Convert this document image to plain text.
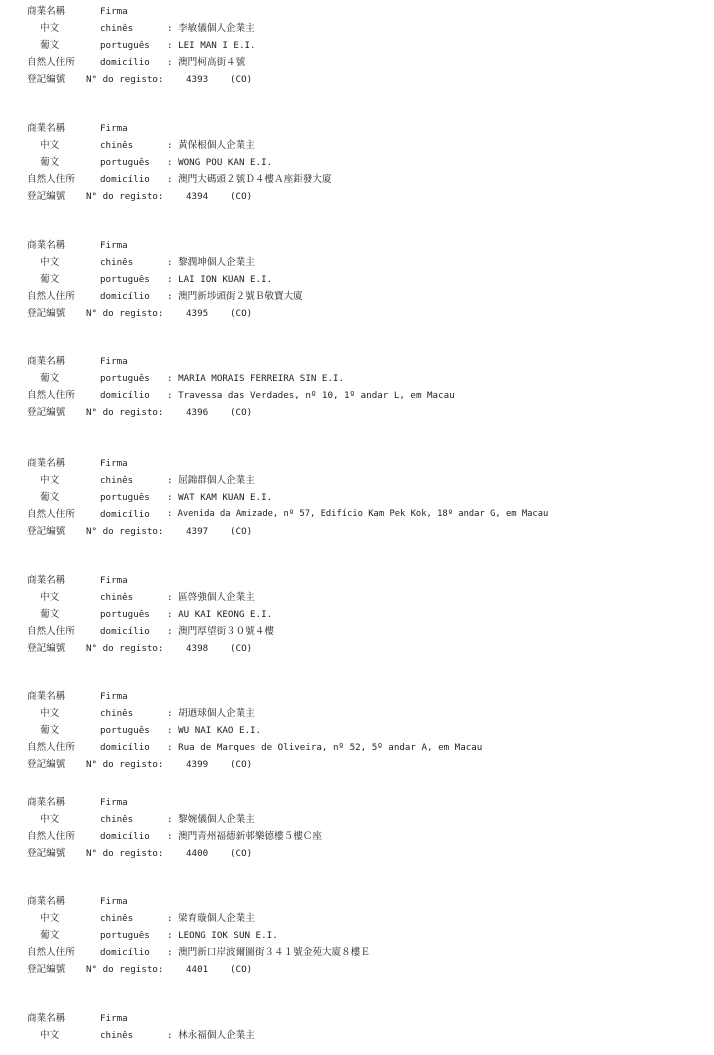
商業名稱	Firma
中文	chinês	: 李敏儀個人企業主
葡文	português : LEI MAN I E.I.
自然人住所	domicílio : 澳門柯高街４號
登記編號 N° do registo: 4393 (CO)
商業名稱	Firma
中文	chinês	: 黃保根個人企業主
葡文	português : WONG POU KAN E.I.
自然人住所	domicílio : 澳門大碼頭２號Ｄ４樓Ａ座鉅發大廈
登記編號 N° do registo: 4394 (CO)
商業名稱	Firma
中文	chinês	: 黎潤坤個人企業主
葡文	português : LAI ION KUAN E.I.
自然人住所	domicílio : 澳門新埗頭街２號Ｂ敬寶大廈
登記編號 N° do registo: 4395 (CO)
商業名稱	Firma
葡文	português : MARIA MORAIS FERREIRA SIN E.I.
自然人住所	domicílio : Travessa das Verdades, nº 10, 1º andar L, em Macau
登記編號 N° do registo: 4396 (CO)
商業名稱	Firma
中文	chinês	: 屈錦群個人企業主
葡文	português : WAT KAM KUAN E.I.
自然人住所	domicílio : Avenida da Amizade, nº 57, Edifício Kam Pek Kok, 18º andar G, em Macau
登記編號 N° do registo: 4397 (CO)
商業名稱	Firma
中文	chinês	: 區啓強個人企業主
葡文	português : AU KAI KEONG E.I.
自然人住所	domicílio : 澳門厚望街３０號４樓
登記編號 N° do registo: 4398 (CO)
商業名稱	Firma
中文	chinês	: 胡迺球個人企業主
葡文	português : WU NAI KAO E.I.
自然人住所	domicílio : Rua de Marques de Oliveira, nº 52, 5º andar A, em Macau
登記編號 N° do registo: 4399 (CO)
商業名稱	Firma
中文	chinês	: 黎婉儀個人企業主
自然人住所	domicílio : 澳門青州福德新邨樂德樓５樓Ｃ座
登記編號 N° do registo: 4400 (CO)
商業名稱	Firma
中文	chinês	: 梁育璇個人企業主
葡文	português : LEONG IOK SUN E.I.
自然人住所	domicílio : 澳門新口岸波爾圖街３４１號金苑大廈８樓Ｅ
登記編號 N° do registo: 4401 (CO)
商業名稱	Firma
中文	chinês	: 林永福個人企業主
